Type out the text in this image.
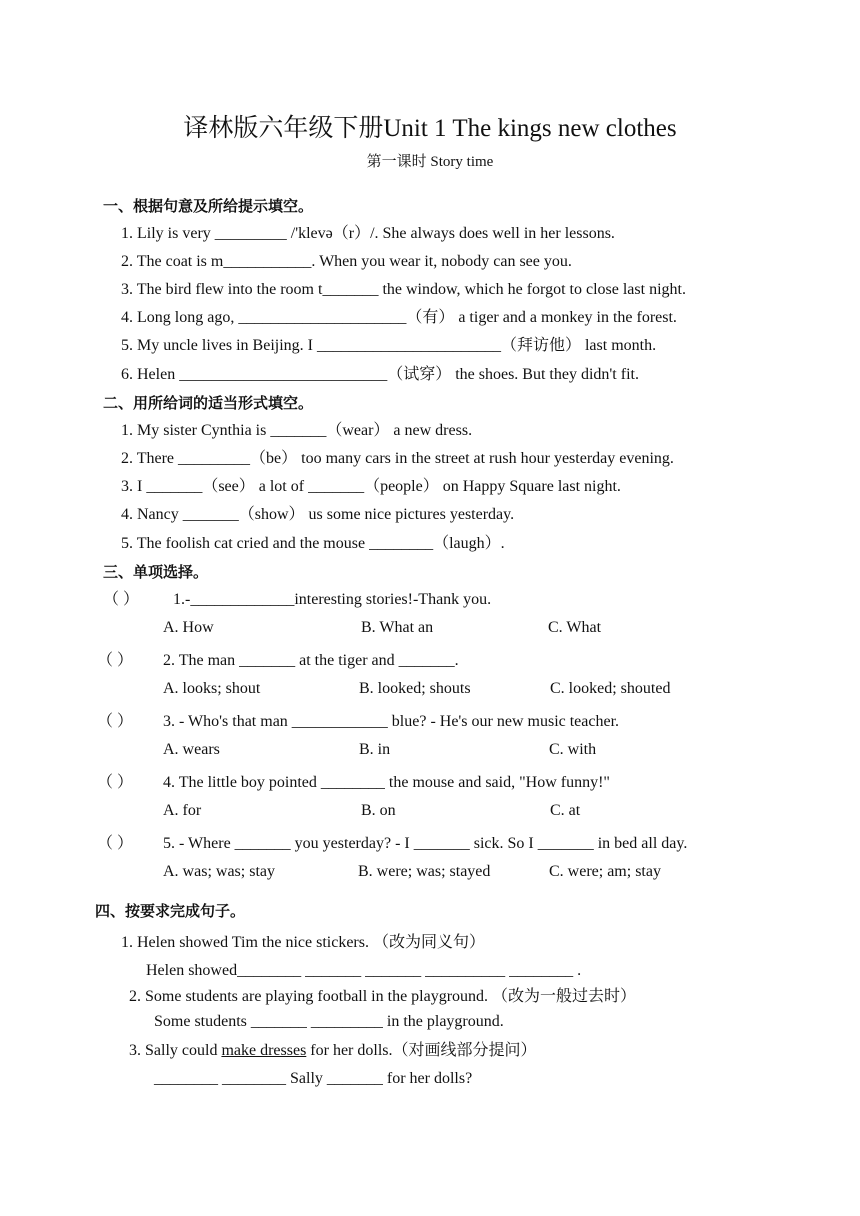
译林版六年级下册Unit 1 The kings new clothes
第一课时 Story time
一、根据句意及所给提示填空。
1. Lily is very _________ /'klevə（r）/. She always does well in her lessons.
2. The coat is m___________. When you wear it, nobody can see you.
3. The bird flew into the room t_______ the window, which he forgot to close last night.
4. Long long ago, _____________________（有） a tiger and a monkey in the forest.
5. My uncle lives in Beijing. I _______________________（拜访他） last month.
6. Helen __________________________（试穿） the shoes. But they didn't fit.
二、用所给词的适当形式填空。
1. My sister Cynthia is _______（wear） a new dress.
2. There _________（be） too many cars in the street at rush hour yesterday evening.
3. I _______（see） a lot of _______（people） on Happy Square last night.
4. Nancy _______（show） us some nice pictures yesterday.
5. The foolish cat cried and the mouse ________（laugh）.
三、单项选择。
（ ） 1.-_____________interesting stories!-Thank you.
A. How	B. What an	C. What
（ ） 2. The man _______ at the tiger and _______.
A. looks; shout	B. looked; shouts	C. looked; shouted
（ ） 3. - Who's that man ____________ blue? - He's our new music teacher.
A. wears	B. in	C. with
（ ） 4. The little boy pointed ________ the mouse and said, "How funny!"
A. for	B. on	C. at
（ ） 5. - Where _______ you yesterday? - I _______ sick. So I _______ in bed all day.
A. was; was; stay	B. were; was; stayed	C. were; am; stay
四、按要求完成句子。
1. Helen showed Tim the nice stickers. （改为同义句）
Helen showed________ _______ _______ __________ ________ .
2. Some students are playing football in the playground. （改为一般过去时）
Some students _______ _________ in the playground.
3. Sally could make dresses for her dolls.（对画线部分提问）
________ ________ Sally _______ for her dolls?
